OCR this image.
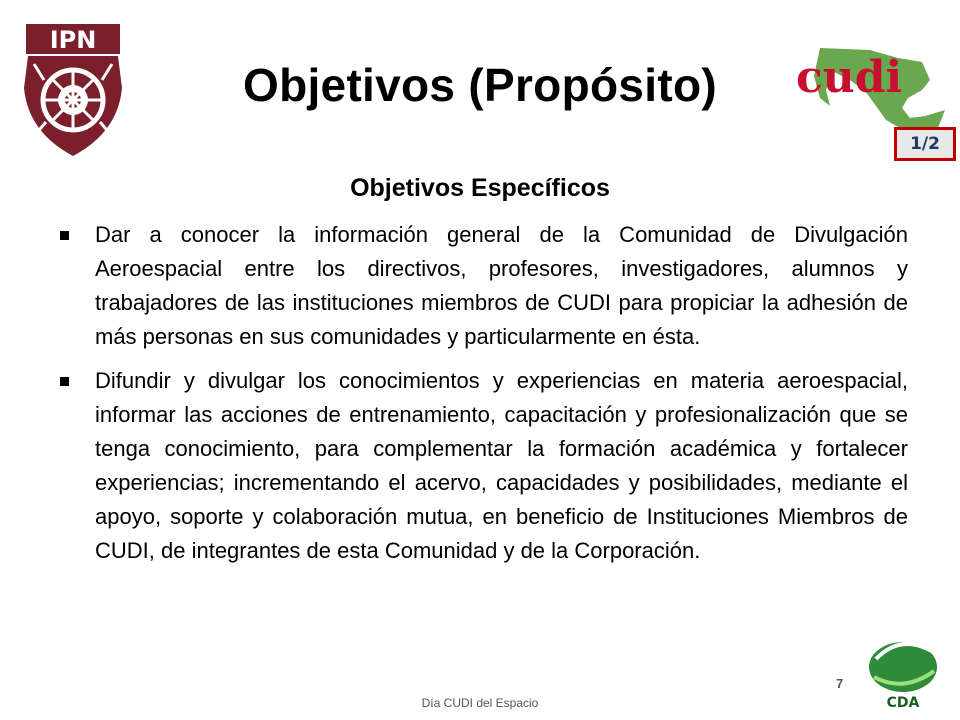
IPN
Objetivos (Propósito)	cudi
1/2
Objetivos Específicos
Dar a conocer la información general de la Comunidad de Divulgación Aeroespacial entre los directivos, profesores, investigadores, alumnos y trabajadores de las instituciones miembros de CUDI para propiciar la adhesión de más personas en sus comunidades y particularmente en ésta.
Difundir y divulgar los conocimientos y experiencias en materia aeroespacial, informar las acciones de entrenamiento, capacitación y profesionalización que se tenga conocimiento, para complementar la formación académica y fortalecer experiencias; incrementando el acervo, capacidades y posibilidades, mediante el apoyo, soporte y colaboración mutua, en beneficio de Instituciones Miembros de CUDI, de integrantes de esta Comunidad y de la Corporación.
7
Día CUDI del Espacio	CDA
